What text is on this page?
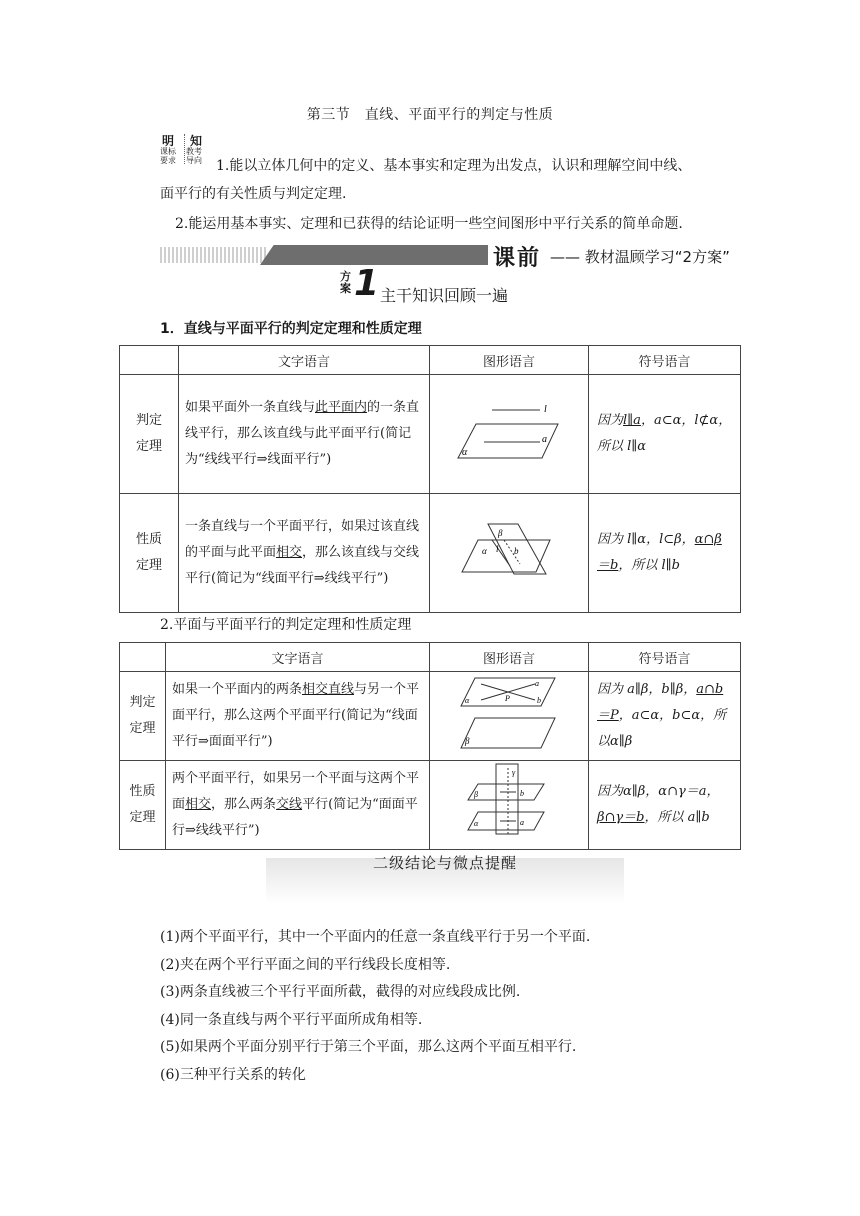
第三节　直线、平面平行的判定与性质
明 知
课标
要求
教考
导向 1.能以立体几何中的定义、基本事实和定理为出发点，认识和理解空间中线、
面平行的有关性质与判定定理.
2.能运用基本事实、定理和已获得的结论证明一些空间图形中平行关系的简单命题.
课前 —— 教材温顾学习“2方案”
方案 1 主干知识回顾一遍
1．直线与平面平行的判定定理和性质定理
	文字语言	图形语言	符号语言

判定定理	如果平面外一条直线与此平面内的一条直线平行，那么该直线与此平面平行(简记为“线线平行⇒线面平行”)	l
a
α	因为l∥a，a⊂α，l⊄α，
所以 l∥α

性质定理	一条直线与一个平面平行，如果过该直线的平面与此平面相交，那么该直线与交线平行(简记为“线面平行⇒线线平行”)	β
α l b	因为 l∥α，l⊂β，α∩β
＝b，所以 l∥b
2.平面与平面平行的判定定理和性质定理
	文字语言	图形语言	符号语言

判定定理	如果一个平面内的两条相交直线与另一个平面平行，那么这两个平面平行(简记为“线面平行⇒面面平行”)	a
b
P
α
β	因为 a∥β，b∥β，a∩b
＝P，a⊂α，b⊂α，所以α∥β

性质定理	两个平面平行，如果另一个平面与这两个平面相交，那么两条交线平行(简记为“面面平行⇒线线平行”)	γ
β b
α a	因为α∥β，α∩γ＝a，
β∩γ＝b，所以 a∥b
二级结论与微点提醒
(1)两个平面平行，其中一个平面内的任意一条直线平行于另一个平面.
(2)夹在两个平行平面之间的平行线段长度相等.
(3)两条直线被三个平行平面所截，截得的对应线段成比例.
(4)同一条直线与两个平行平面所成角相等.
(5)如果两个平面分别平行于第三个平面，那么这两个平面互相平行.
(6)三种平行关系的转化
